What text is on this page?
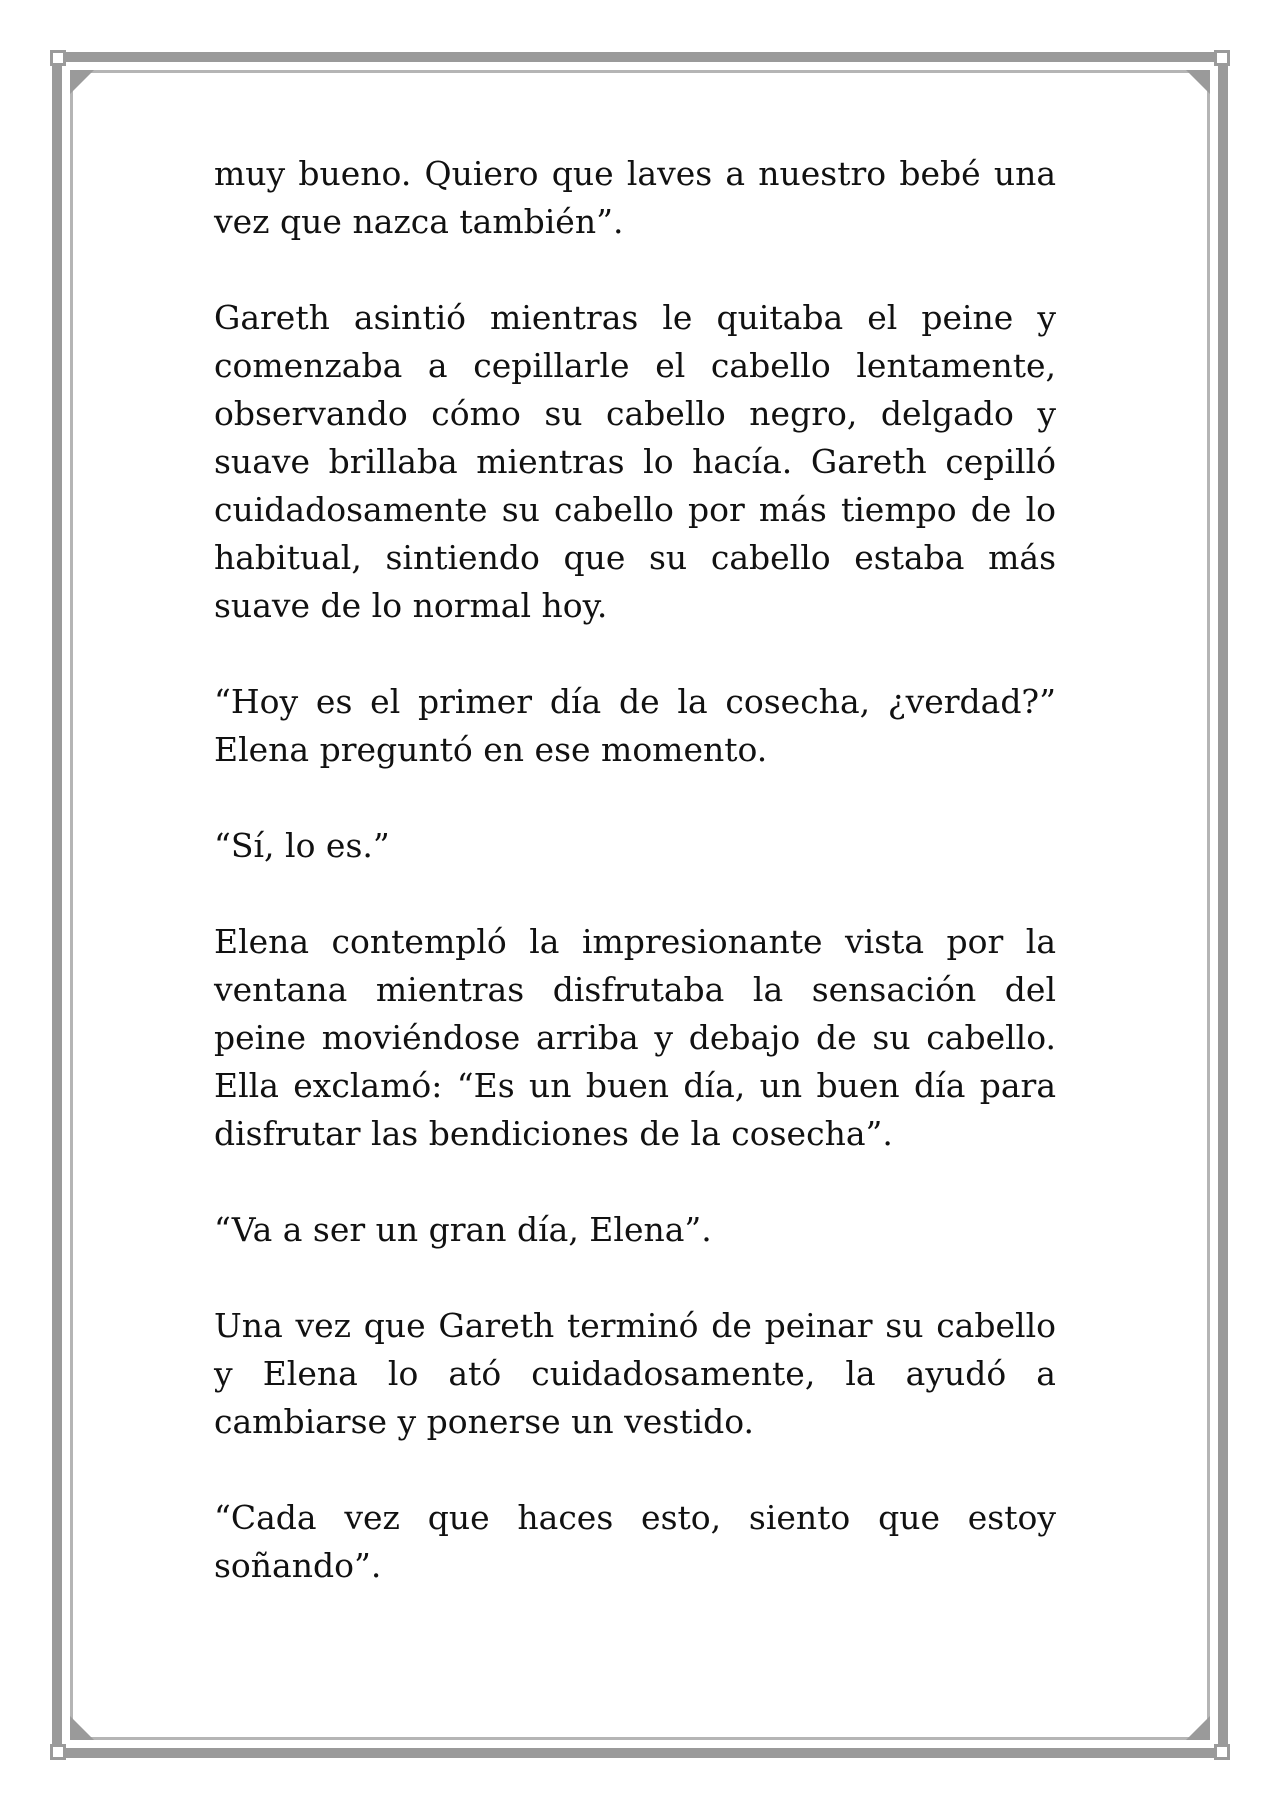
muy bueno. Quiero que laves a nuestro bebé una vez que nazca también”.

Gareth asintió mientras le quitaba el peine y comenzaba a cepillarle el cabello lentamente, observando cómo su cabello negro, delgado y suave brillaba mientras lo hacía. Gareth cepilló cuidadosamente su cabello por más tiempo de lo habitual, sintiendo que su cabello estaba más suave de lo normal hoy.

“Hoy es el primer día de la cosecha, ¿verdad?” Elena preguntó en ese momento.

“Sí, lo es.”

Elena contempló la impresionante vista por la ventana mientras disfrutaba la sensación del peine moviéndose arriba y debajo de su cabello. Ella exclamó: “Es un buen día, un buen día para disfrutar las bendiciones de la cosecha”.

“Va a ser un gran día, Elena”.

Una vez que Gareth terminó de peinar su cabello y Elena lo ató cuidadosamente, la ayudó a cambiarse y ponerse un vestido.

“Cada vez que haces esto, siento que estoy soñando”.
